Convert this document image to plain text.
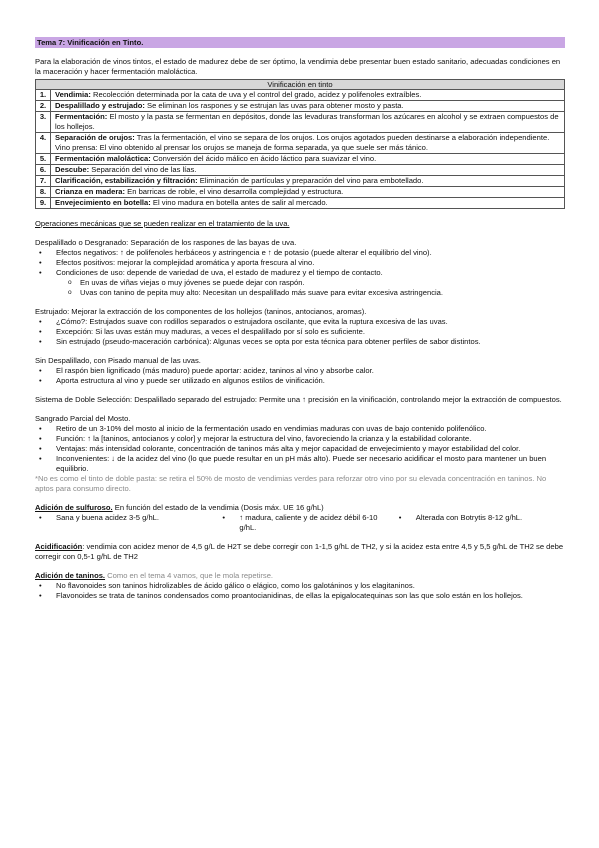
Tema 7: Vinificación en Tinto.

Para la elaboración de vinos tintos, el estado de madurez debe de ser óptimo, la vendimia debe presentar buen estado sanitario, adecuadas condiciones en la maceración y hacer fermentación maloláctica.

Vinificación en tinto	
1.	Vendimia: Recolección determinada por la cata de uva y el control del grado, acidez y polifenoles extraíbles.
2.	Despalillado y estrujado: Se eliminan los raspones y se estrujan las uvas para obtener mosto y pasta.
3.	Fermentación: El mosto y la pasta se fermentan en depósitos, donde las levaduras transforman los azúcares en alcohol y se extraen compuestos de los hollejos.
4.	Separación de orujos: Tras la fermentación, el vino se separa de los orujos. Los orujos agotados pueden destinarse a elaboración independiente. Vino prensa: El vino obtenido al prensar los orujos se maneja de forma separada, ya que suele ser más tánico.
5.	Fermentación maloláctica: Conversión del ácido málico en ácido láctico para suavizar el vino.
6.	Descube: Separación del vino de las lías.
7.	Clarificación, estabilización y filtración: Eliminación de partículas y preparación del vino para embotellado.
8.	Crianza en madera: En barricas de roble, el vino desarrolla complejidad y estructura.
9.	Envejecimiento en botella: El vino madura en botella antes de salir al mercado.

Operaciones mecánicas que se pueden realizar en el tratamiento de la uva.

Despalillado o Desgranado: Separación de los raspones de las bayas de uva.

• Efectos negativos: ↑ de polifenoles herbáceos y astringencia e ↑ de potasio (puede alterar el equilibrio del vino).
• Efectos positivos: mejorar la complejidad aromática y aporta frescura al vino.
• Condiciones de uso: depende de variedad de uva, el estado de madurez y el tiempo de contacto.
o En uvas de viñas viejas o muy jóvenes se puede dejar con raspón.
o Uvas con tanino de pepita muy alto: Necesitan un despalillado más suave para evitar excesiva astringencia.

Estrujado: Mejorar la extracción de los componentes de los hollejos (taninos, antocianos, aromas).

• ¿Cómo?: Estrujados suave con rodillos separados o estrujadora oscilante, que evita la ruptura excesiva de las uvas.
• Excepción: Si las uvas están muy maduras, a veces el despalillado por sí solo es suficiente.
• Sin estrujado (pseudo-maceración carbónica): Algunas veces se opta por esta técnica para obtener perfiles de sabor distintos.

Sin Despalillado, con Pisado manual de las uvas.

• El raspón bien lignificado (más maduro) puede aportar: acidez, taninos al vino y absorbe calor.
• Aporta estructura al vino y puede ser utilizado en algunos estilos de vinificación.

Sistema de Doble Selección: Despalillado separado del estrujado: Permite una ↑ precisión en la vinificación, controlando mejor la extracción de compuestos.

Sangrado Parcial del Mosto.

• Retiro de un 3-10% del mosto al inicio de la fermentación usado en vendimias maduras con uvas de bajo contenido polifenólico.
• Función: ↑ la [taninos, antocianos y color] y mejorar la estructura del vino, favoreciendo la crianza y la estabilidad colorante.
• Ventajas: más intensidad colorante, concentración de taninos más alta y mejor capacidad de envejecimiento y mayor estabilidad del color.
• Inconvenientes: ↓ de la acidez del vino (lo que puede resultar en un pH más alto). Puede ser necesario acidificar el mosto para mantener un buen equilibrio.

*No es como el tinto de doble pasta: se retira el 50% de mosto de vendimias verdes para reforzar otro vino por su elevada concentración en taninos. No aptos para consumo directo.

Adición de sulfuroso. En función del estado de la vendimia (Dosis máx. UE 16 g/hL)

• Sana y buena acidez 3-5 g/hL.	• ↑ madura, caliente y de acidez débil 6-10 g/hL.
• Alterada con Botrytis 8-12 g/hL.

Acidificación: vendimia con acidez menor de 4,5 g/L de H2T se debe corregir con 1-1,5 g/hL de TH2, y si la acidez esta entre 4,5 y 5,5 g/hL de TH2 se debe corregir con 0,5-1 g/hL de TH2

Adición de taninos. Como en el tema 4 vamos, que le mola repetirse.

• No flavonoides son taninos hidrolizables de ácido gálico o elágico, como los galotáninos y los elagitaninos.
• Flavonoides se trata de taninos condensados como proantocianidinas, de ellas la epigalocatequinas son las que solo están en los hollejos.
